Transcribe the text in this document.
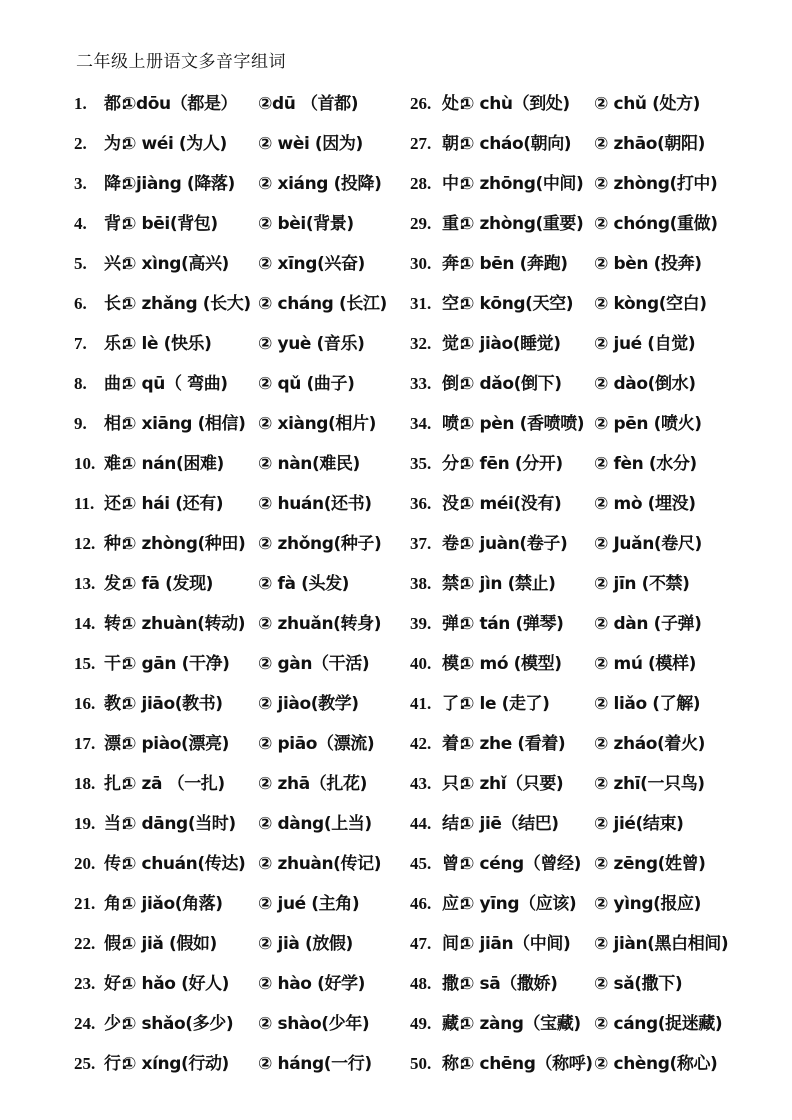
二年级上册语文多音字组词
1. 都:
①dōu（都是） ②dū （首都)
2. 为:
① wéi (为人) ② wèi (因为)
3. 降:
①jiàng (降落) ② xiáng (投降)
4. 背:
① bēi(背包) ② bèi(背景)
5. 兴:
① xìng(高兴) ② xīng(兴奋)
6. 长:
① zhǎng (长大) ② cháng (长江)
7. 乐:
① lè (快乐)	② yuè (音乐)
8. 曲:
① qū（ 弯曲) ② qǔ (曲子)
9. 相:
① xiāng (相信) ② xiàng(相片)
10. 难:
① nán(困难) ② nàn(难民)
11. 还:
① hái (还有) ② huán(还书)
12. 种:
① zhòng(种田) ② zhǒng(种子)
13. 发:
① fā (发现)	② fà (头发)
14. 转:
① zhuàn(转动) ② zhuǎn(转身)
15. 干:
① gān (干净) ② gàn（干活)
16. 教:
① jiāo(教书) ② jiào(教学)
17. 漂:
① piào(漂亮) ② piāo（漂流)
18. 扎:
① zā （一扎) ② zhā（扎花)
19. 当:
① dāng(当时) ② dàng(上当)
20. 传:
① chuán(传达) ② zhuàn(传记)
21. 角:
① jiǎo(角落) ② jué (主角)
22. 假:
① jiǎ (假如) ② jià (放假)
23. 好:
① hǎo (好人) ② hào (好学)
24. 少:
① shǎo(多少) ② shào(少年)
25. 行:
① xíng(行动) ② háng(一行)
26. 处:
① chù（到处) ② chǔ (处方)
27. 朝:
① cháo(朝向) ② zhāo(朝阳)
28. 中:
① zhōng(中间) ② zhòng(打中)
29. 重:
① zhòng(重要) ② chóng(重做)
30. 奔:
① bēn (奔跑) ② bèn (投奔)
31. 空:
① kōng(天空) ② kòng(空白)
32. 觉:
① jiào(睡觉) ② jué (自觉)
33. 倒:
① dǎo(倒下) ② dào(倒水)
34. 喷:
① pèn (香喷喷) ② pēn (喷火)
35. 分:
① fēn (分开) ② fèn (水分)
36. 没:
① méi(没有) ② mò (埋没)
37. 卷:
① juàn(卷子) ② Juǎn(卷尺)
38. 禁:
① jìn (禁止) ② jīn (不禁)
39. 弹:
① tán (弹琴) ② dàn (子弹)
40. 模:
① mó (模型) ② mú (模样)
41. 了:
① le (走了)	② liǎo (了解)
42. 着:
① zhe (看着) ② zháo(着火)
43. 只:
① zhǐ（只要) ② zhī(一只鸟)
44. 结:
① jiē（结巴) ② jié(结束)
45. 曾:
① céng（曾经) ② zēng(姓曾)
46. 应:
① yīng（应该) ② yìng(报应)
47. 间:
① jiān（中间) ② jiàn(黑白相间)
48. 撒:
① sā（撒娇) ② sǎ(撒下)
49. 藏:
① zàng（宝藏) ② cáng(捉迷藏)
50. 称:
① chēng（称呼) ② chèng(称心)
